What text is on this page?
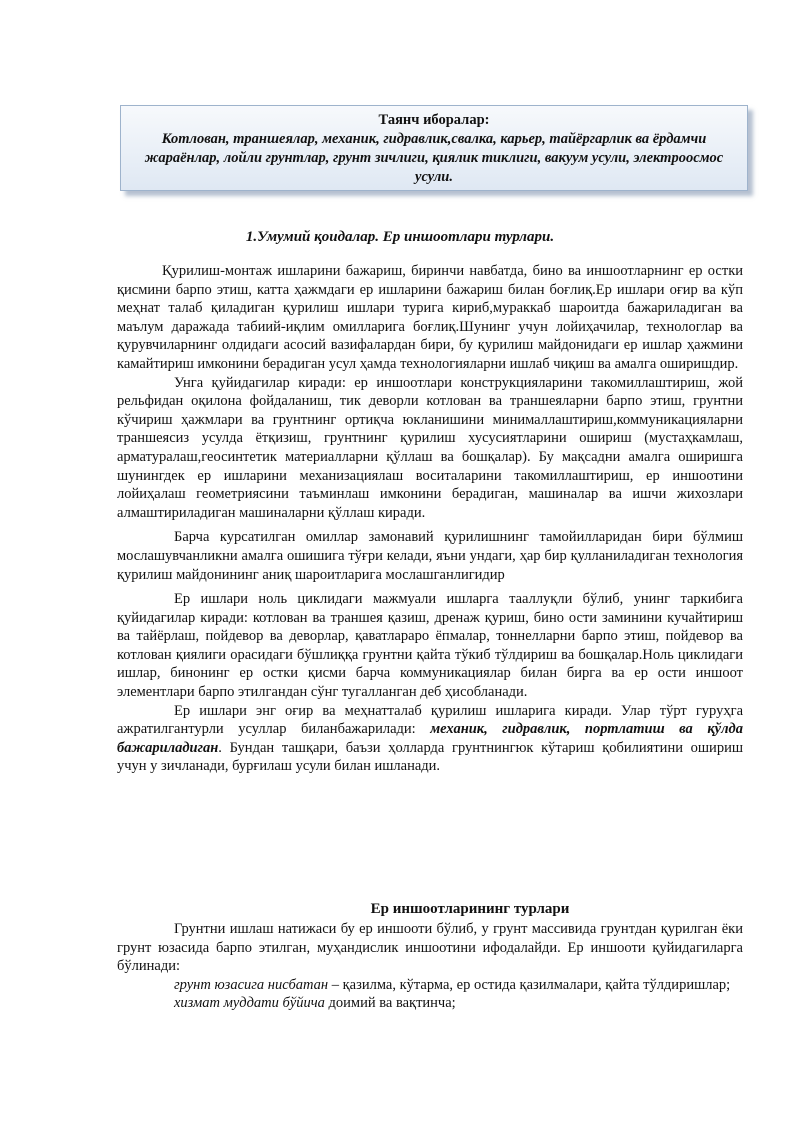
Таянч иборалар:
Котлован, траншеялар, механик, гидравлик,свалка, карьер, тайёргарлик ва ёрдамчи жараёнлар, лойли грунтлар, грунт зичлиги, қиялик тиклиги, вакуум усули, электроосмос усули.
1.Умумий қоидалар. Ер иншоотлари турлари.

Қурилиш-монтаж ишларини бажариш, биринчи навбатда, бино ва иншоотларнинг ер остки қисмини барпо этиш, катта ҳажмдаги ер ишларини бажариш билан боғлиқ.Ер ишлари оғир ва кўп меҳнат талаб қиладиган қурилиш ишлари турига кириб,мураккаб шароитда бажариладиган ва маълум даражада табиий-иқлим омилларига боғлиқ.Шунинг учун лойиҳачилар, технологлар ва қурувчиларнинг олдидаги асосий вазифалардан бири, бу қурилиш майдонидаги ер ишлар ҳажмини камайтириш имконини берадиган усул ҳамда технологияларни ишлаб чиқиш ва амалга оширишдир.

Унга қуйидагилар киради: ер иншоотлари конструкцияларини такомиллаштириш, жой рельфидан оқилона фойдаланиш, тик деворли котлован ва траншеяларни барпо этиш, грунтни кўчириш ҳажмлари ва грунтнинг ортиқча юкланишини минималлаштириш,коммуникацияларни траншеясиз усулда ётқизиш, грунтнинг қурилиш хусусиятларини ошириш (мустаҳкамлаш, арматуралаш,геосинтетик материалларни қўллаш ва бошқалар). Бу мақсадни амалга оширишга шунингдек ер ишларини механизациялаш воситаларини такомиллаштириш, ер иншоотини лойиҳалаш геометриясини таъминлаш имконини берадиган, машиналар ва ишчи жихозлари алмаштириладиган машиналарни қўллаш киради.

Барча курсатилган омиллар замонавий қурилишнинг тамойилларидан бири бўлмиш мослашувчанликни амалга ошишига тўғри келади, яъни ундаги, ҳар бир қулланиладиган технология қурилиш майдонининг аниқ шароитларига мослашганлигидир

Ер ишлари ноль циклидаги мажмуали ишларга тааллуқли бўлиб, унинг таркибига қуйидагилар киради: котлован ва траншея қазиш, дренаж қуриш, бино ости заминини кучайтириш ва тайёрлаш, пойдевор ва деворлар, қаватлараро ёпмалар, тоннелларни барпо этиш, пойдевор ва котлован қиялиги орасидаги бўшлиққа грунтни қайта тўкиб тўлдириш ва бошқалар.Ноль циклидаги ишлар, бинонинг ер остки қисми барча коммуникациялар билан бирга ва ер ости иншоот элементлари барпо этилгандан сўнг тугалланган деб ҳисобланади.

Ер ишлари энг оғир ва меҳнатталаб қурилиш ишларига киради. Улар тўрт гуруҳга ажратилгантурли усуллар биланбажарилади: механик, гидравлик, портлатиш ва қўлда бажариладиган. Бундан ташқари, баъзи ҳолларда грунтнингюк кўтариш қобилиятини ошириш учун у зичланади, бурғилаш усули билан ишланади.

Ер иншоотларининг турлари

Грунтни ишлаш натижаси бу ер иншооти бўлиб, у грунт массивида грунтдан қурилган ёки грунт юзасида барпо этилган, муҳандислик иншоотини ифодалайди. Ер иншооти қуйидагиларга бўлинади:

грунт юзасига нисбатан – қазилма, кўтарма, ер остида қазилмалари, қайта тўлдиришлар;

хизмат муддати бўйича доимий ва вақтинча;
